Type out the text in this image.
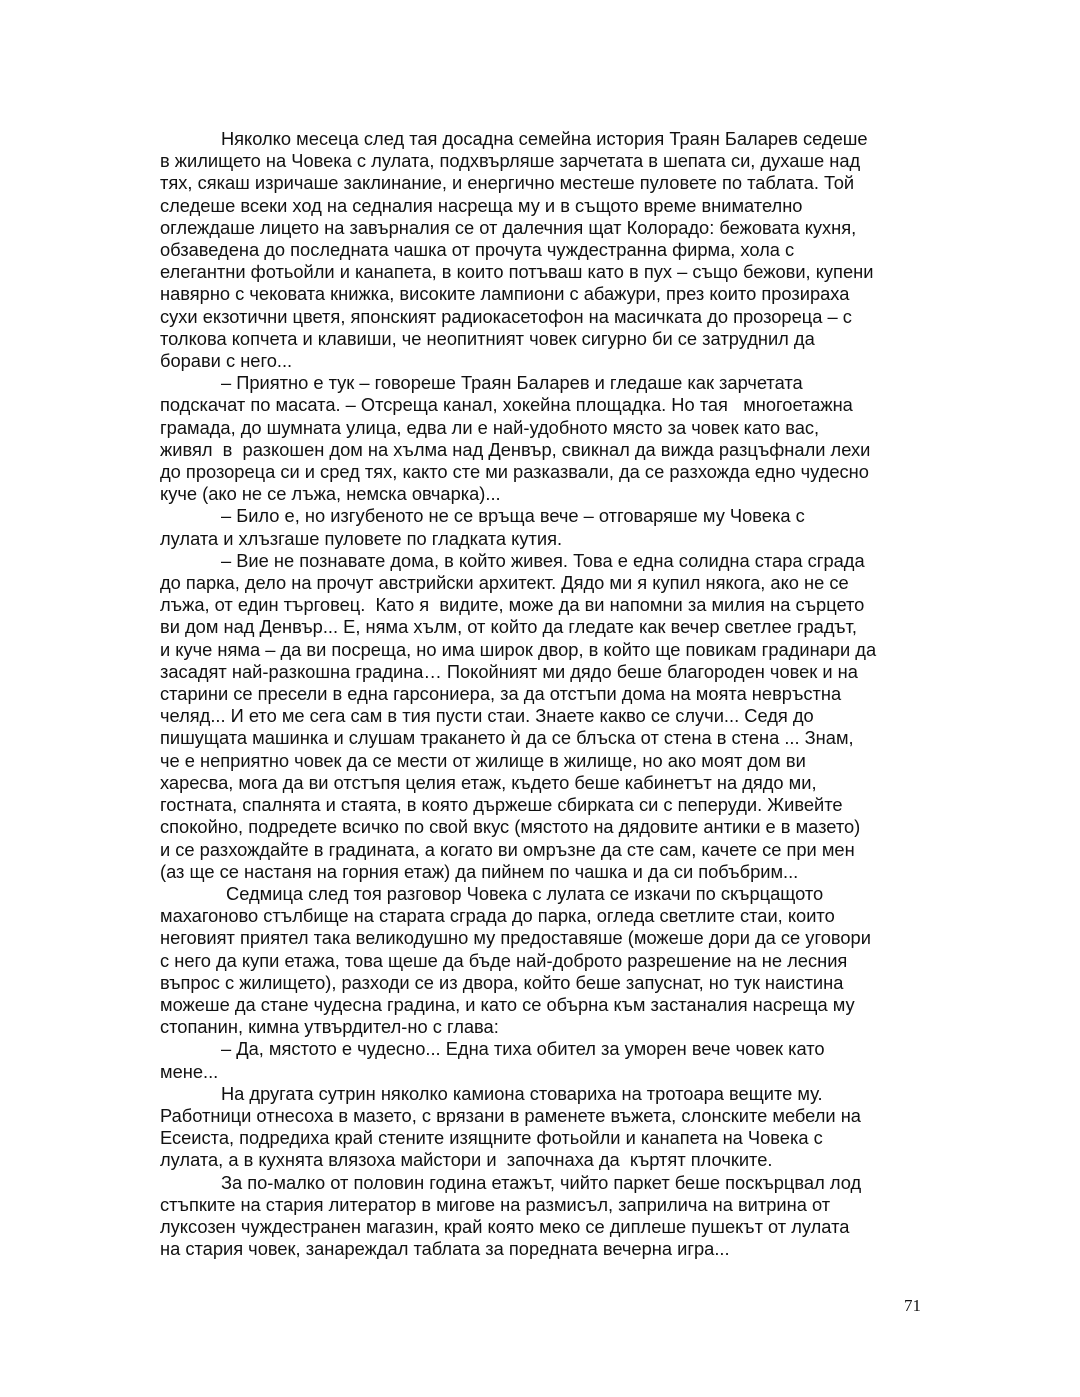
Няколко месеца след тая досадна семейна история Траян Баларев седеше
в жилището на Човека с лулата, подхвърляше зарчетата в шепата си, духаше над
тях, сякаш изричаше заклинание, и енергично местеше пуловете по таблата. Той
следеше всеки ход на седналия насреща му и в същото време внимателно
оглеждаше лицето на завърналия се от далечния щат Колорадо: бежовата кухня,
обзаведена до последната чашка от прочута чуждестранна фирма, хола с
елегантни фотьойли и канапета, в които потъваш като в пух – също бежови, купени
навярно с чековата книжка, високите лампиони с абажури, през които прозираха
сухи екзотични цветя, японският радиокасетофон на масичката до прозореца – с
толкова копчета и клавиши, че неопитният човек сигурно би се затруднил да
борави с него...
– Приятно е тук – говореше Траян Баларев и гледаше как зарчетата
подскачат по масата. – Отсреща канал, хокейна площадка. Но тая   многоетажна
грамада, до шумната улица, едва ли е най-удобното място за човек като вас,
живял  в  разкошен дом на хълма над Денвър, свикнал да вижда разцъфнали лехи
до прозореца си и сред тях, както сте ми разказвали, да се разхожда едно чудесно
куче (ако не се лъжа, немска овчарка)...
– Било е, но изгубеното не се връща вече – отговаряше му Човека с
лулата и хлъзгаше пуловете по гладката кутия.
– Вие не познавате дома, в който живея. Това е една солидна стара сграда
до парка, дело на прочут австрийски архитект. Дядо ми я купил някога, ако не се
лъжа, от един търговец.  Като я  видите, може да ви напомни за милия на сърцето
ви дом над Денвър... Е, няма хълм, от който да гледате как вечер светлее градът,
и куче няма – да ви посреща, но има широк двор, в който ще повикам градинари да
засадят най-разкошна градина… Покойният ми дядо беше благороден човек и на
старини се пресели в една гарсониера, за да отстъпи дома на моята невръстна
челяд... И ето ме сега сам в тия пусти стаи. Знаете какво се случи... Седя до
пишущата машинка и слушам тракането ѝ да се блъска от стена в стена ... Знам,
че е неприятно човек да се мести от жилище в жилище, но ако моят дом ви
харесва, мога да ви отстъпя целия етаж, където беше кабинетът на дядо ми,
гостната, спалнята и стаята, в която държеше сбирката си с пеперуди. Живейте
спокойно, подредете всичко по свой вкус (мястото на дядовите антики е в мазето)
и се разхождайте в градината, а когато ви омръзне да сте сам, качете се при мен
(аз ще се настаня на горния етаж) да пийнем по чашка и да си побъбрим...
Седмица след тоя разговор Човека с лулата се изкачи по скърцащото
махагоново стълбище на старата сграда до парка, огледа светлите стаи, които
неговият приятел така великодушно му предоставяше (можеше дори да се уговори
с него да купи етажа, това щеше да бъде най-доброто разрешение на не лесния
въпрос с жилището), разходи се из двора, който беше запуснат, но тук наистина
можеше да стане чудесна градина, и като се обърна към застаналия насреща му
стопанин, кимна утвърдител-но с глава:
– Да, мястото е чудесно... Една тиха обител за уморен вече човек като
мене...
На другата сутрин няколко камиона стовариха на тротоара вещите му.
Работници отнесоха в мазето, с врязани в раменете въжета, слонските мебели на
Есеиста, подредиха край стените изящните фотьойли и канапета на Човека с
лулата, а в кухнята влязоха майстори и  започнаха да  къртят плочките.
За по-малко от половин година етажът, чийто паркет беше поскърцвал лод
стъпките на стария литератор в мигове на размисъл, заприлича на витрина от
луксозен чуждестранен магазин, край която меко се диплеше пушекът от лулата
на стария човек, занареждал таблата за поредната вечерна игра...
71
